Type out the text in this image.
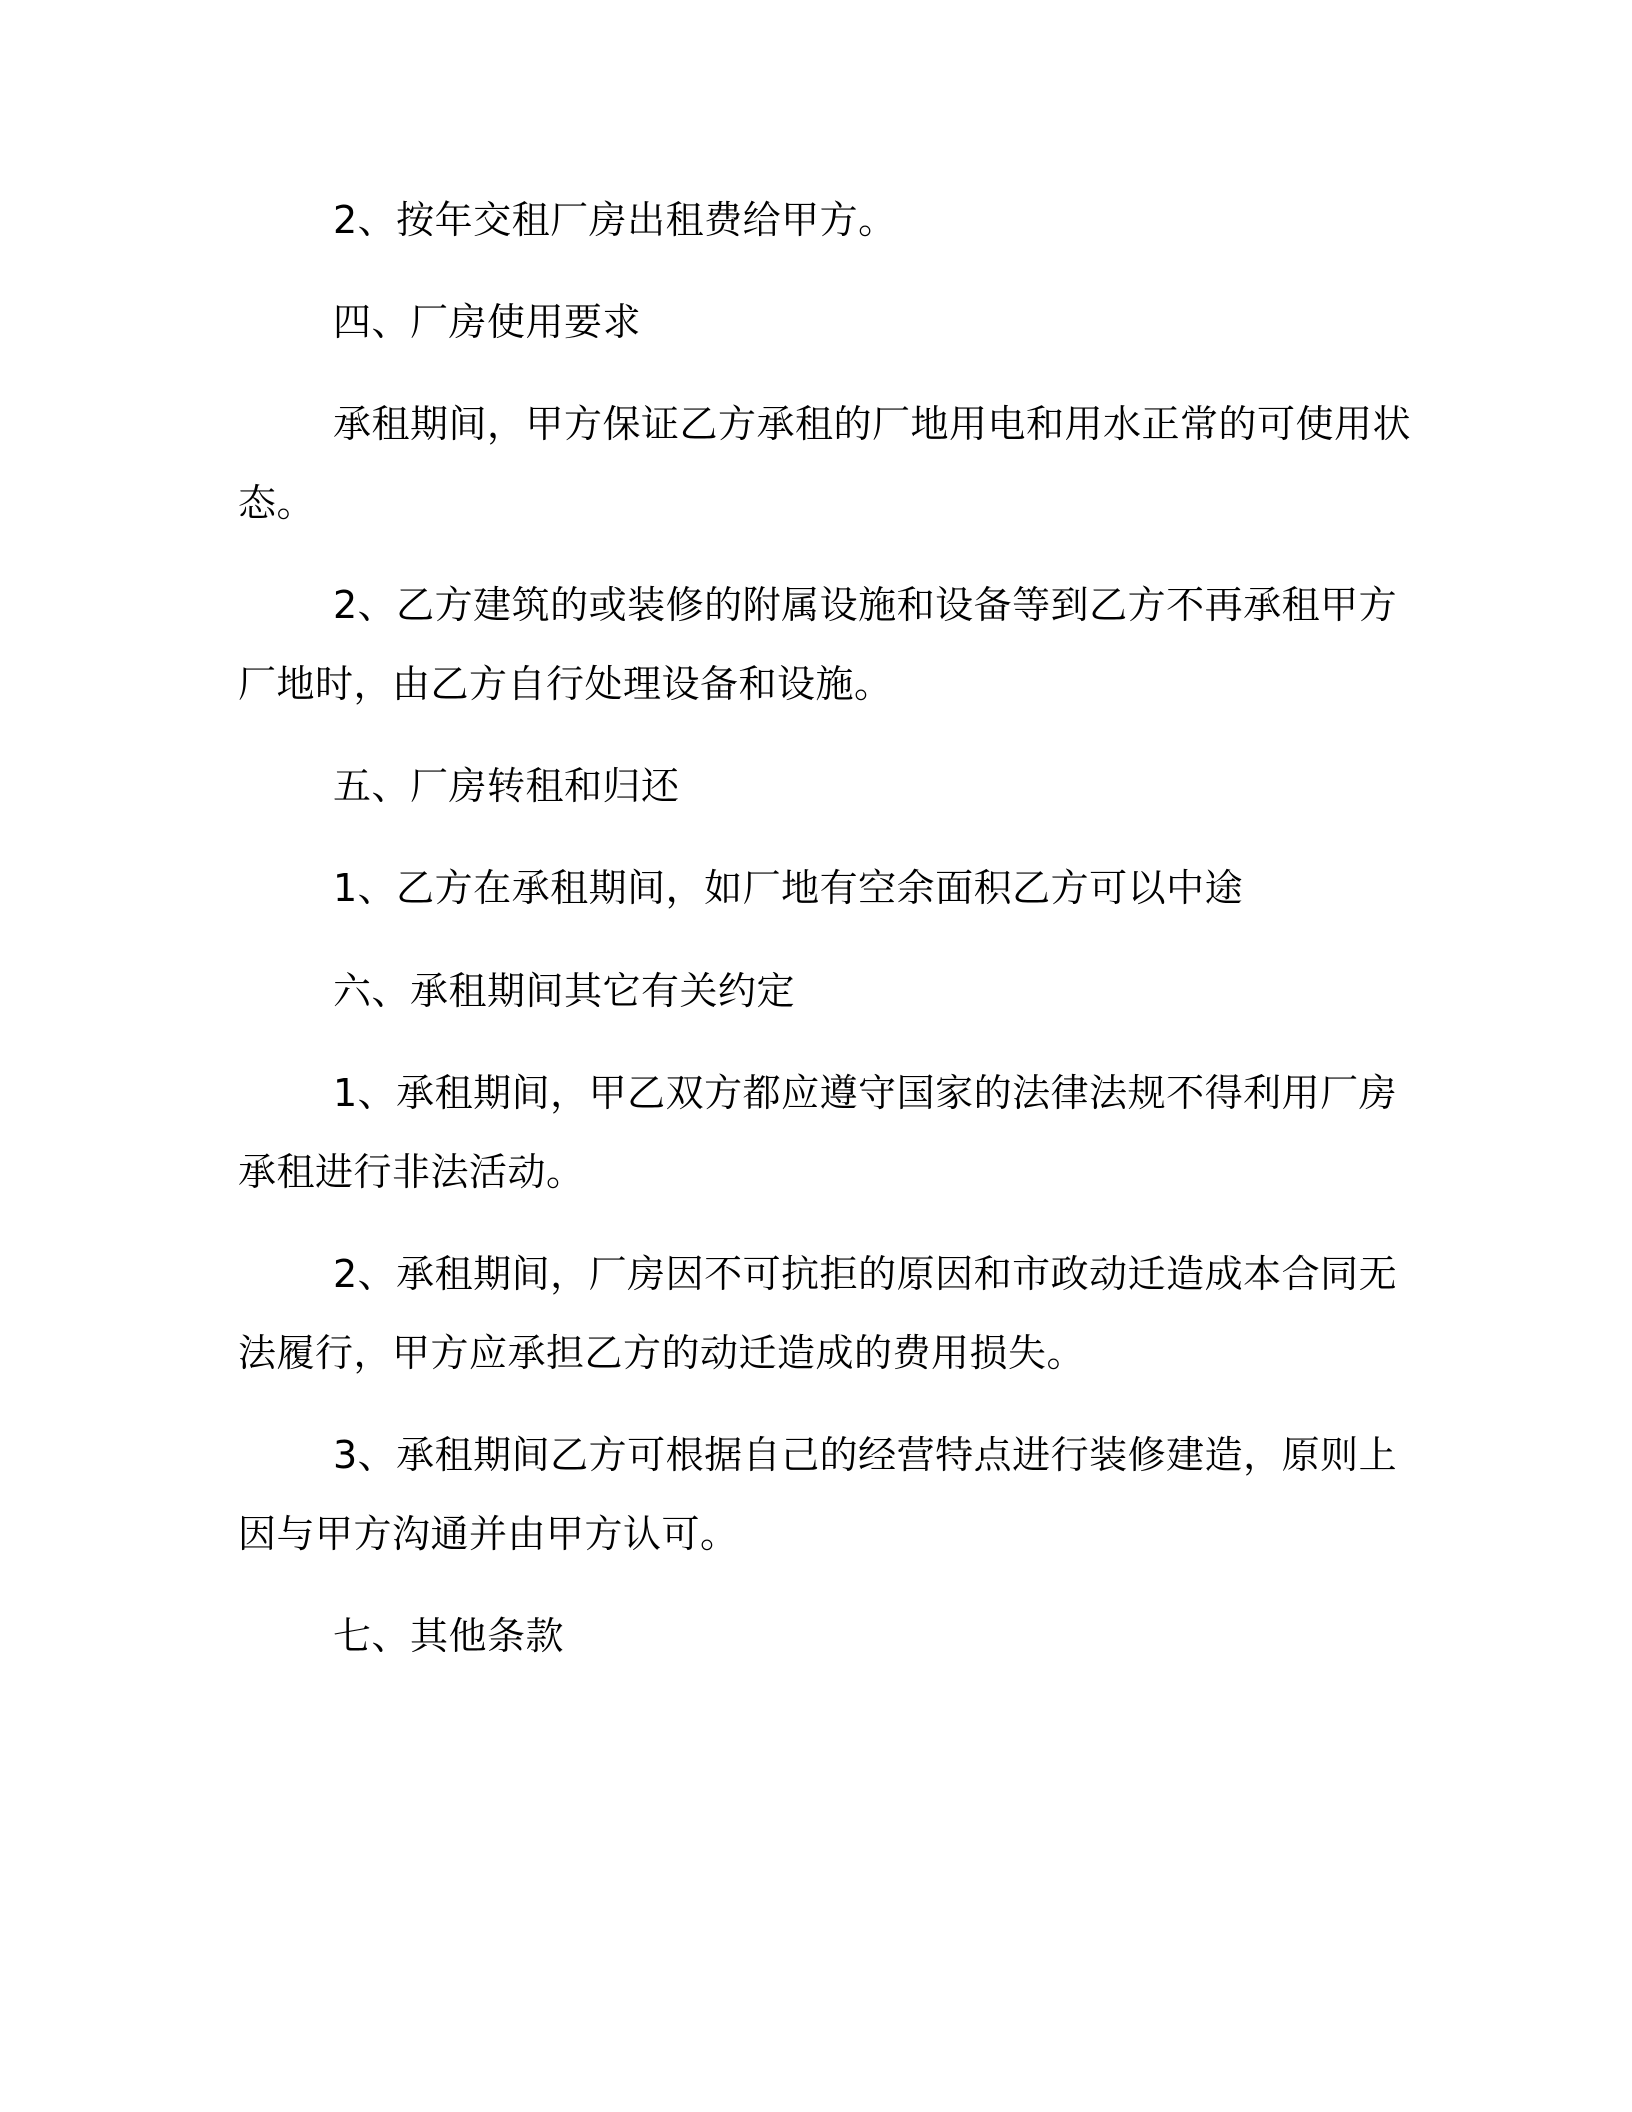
2、按年交租厂房出租费给甲方。

四、厂房使用要求

承租期间，甲方保证乙方承租的厂地用电和用水正常的可使用状

态。

2、乙方建筑的或装修的附属设施和设备等到乙方不再承租甲方

厂地时，由乙方自行处理设备和设施。

五、厂房转租和归还

1、乙方在承租期间，如厂地有空余面积乙方可以中途

六、承租期间其它有关约定

1、承租期间，甲乙双方都应遵守国家的法律法规不得利用厂房

承租进行非法活动。

2、承租期间，厂房因不可抗拒的原因和市政动迁造成本合同无

法履行，甲方应承担乙方的动迁造成的费用损失。

3、承租期间乙方可根据自己的经营特点进行装修建造，原则上

因与甲方沟通并由甲方认可。

七、其他条款
